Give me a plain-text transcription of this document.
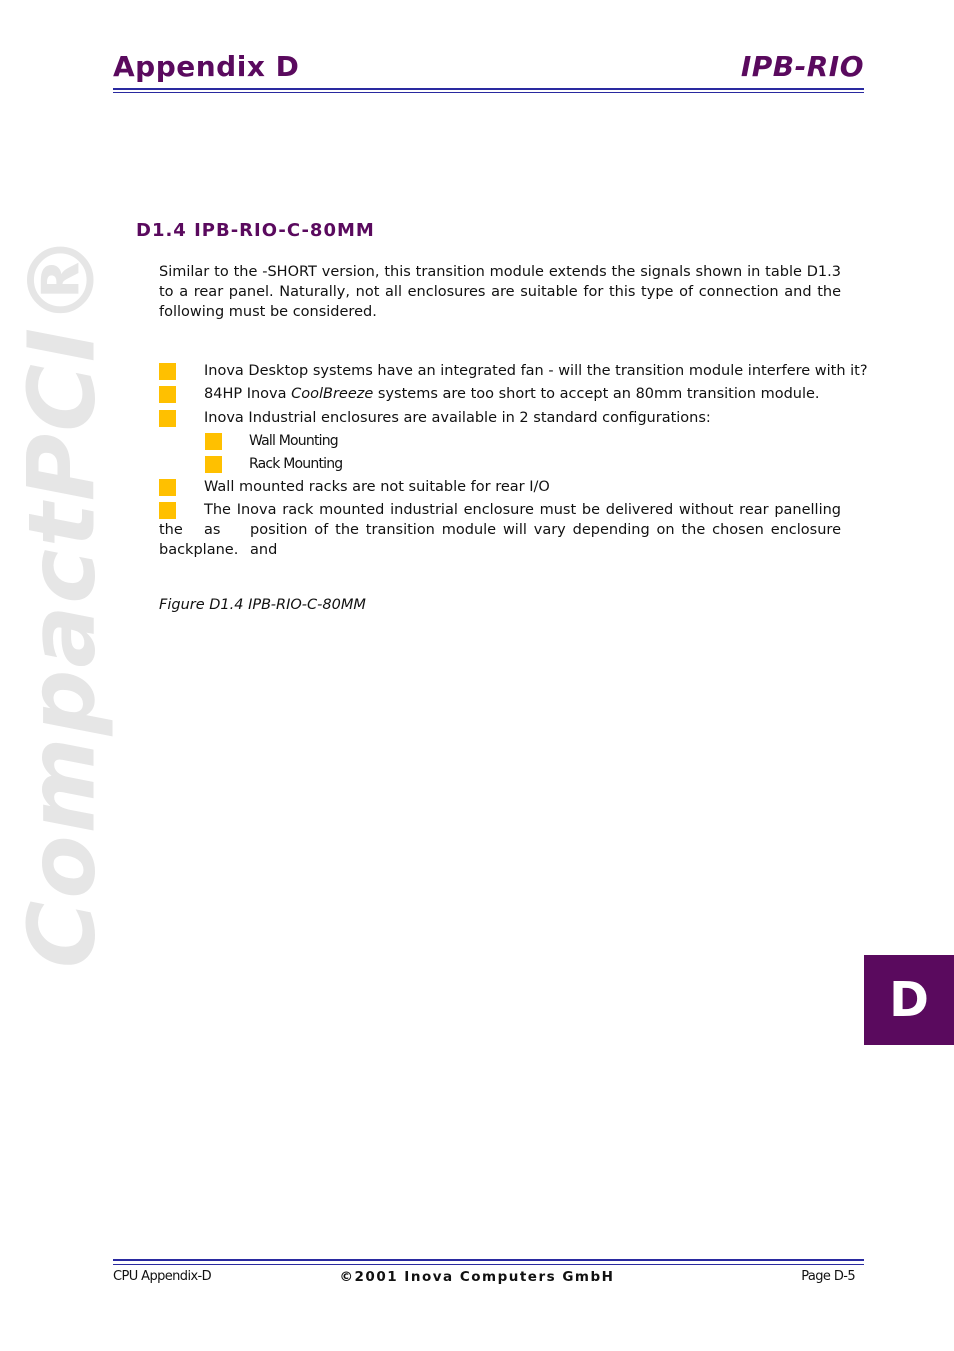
Appendix D	IPB-RIO
CompactPCI®
D1.4 IPB-RIO-C-80MM
Similar to the -SHORT version, this transition module extends the signals shown in table D1.3 to a rear panel. Naturally, not all enclosures are suitable for this type of connection and the following must be considered.
Inova Desktop systems have an integrated fan - will the transition module interfere with it?
84HP Inova CoolBreeze systems are too short to accept an 80mm transition module.
Inova Industrial enclosures are available in 2 standard configurations:
Wall Mounting
Rack Mounting
Wall mounted racks are not suitable for rear I/O
The Inova rack mounted industrial enclosure must be delivered without rear panelling as
the	position of the transition module will vary depending on the chosen enclosure and
backplane.
Figure D1.4 IPB-RIO-C-80MM
D
CPU Appendix-D	©2001 Inova Computers GmbH	Page D-5
